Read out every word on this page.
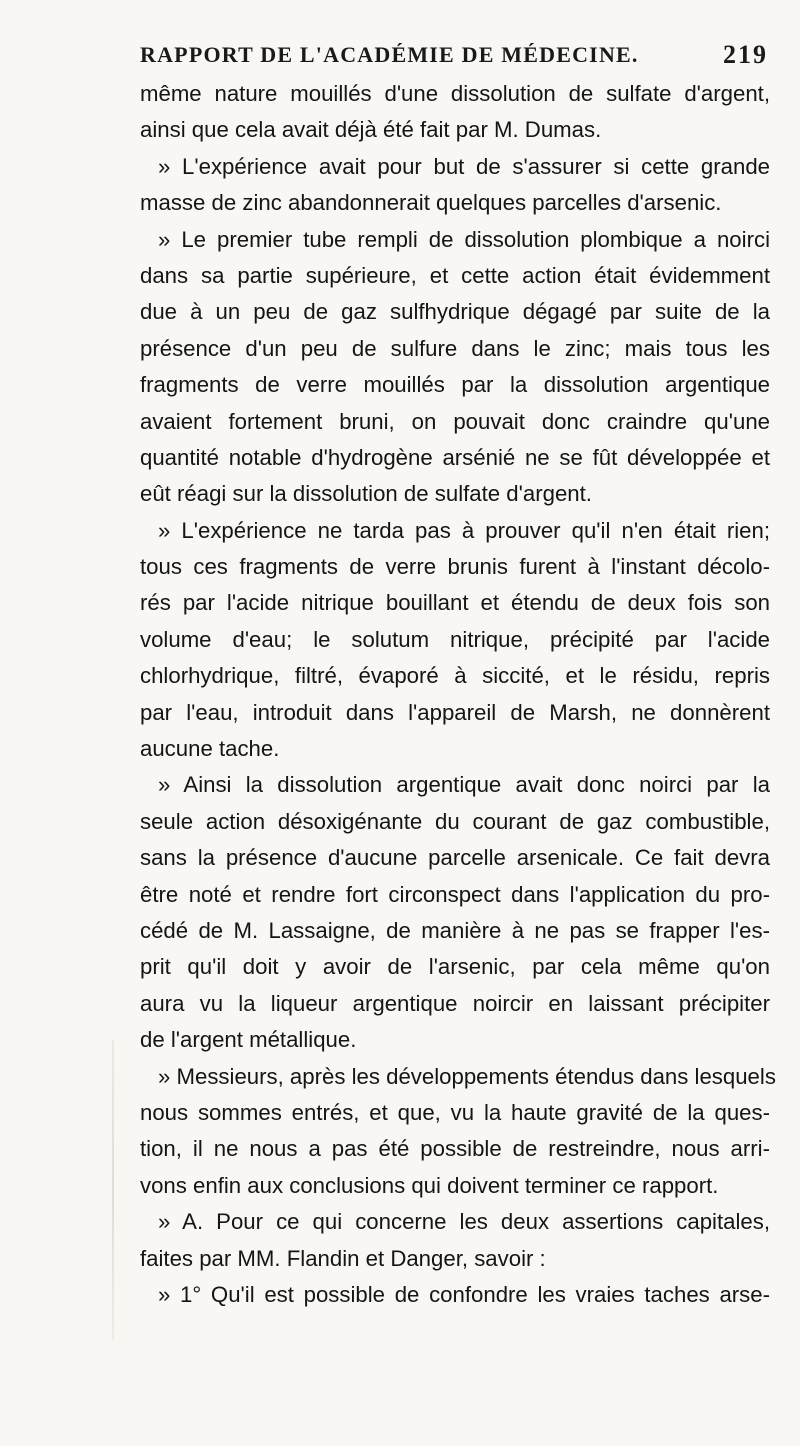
RAPPORT DE L'ACADÉMIE DE MÉDECINE.	219
même nature mouillés d'une dissolution de sulfate d'argent,
ainsi que cela avait déjà été fait par M. Dumas.
» L'expérience avait pour but de s'assurer si cette grande
masse de zinc abandonnerait quelques parcelles d'arsenic.
» Le premier tube rempli de dissolution plombique a noirci
dans sa partie supérieure, et cette action était évidemment
due à un peu de gaz sulfhydrique dégagé par suite de la
présence d'un peu de sulfure dans le zinc; mais tous les
fragments de verre mouillés par la dissolution argentique
avaient fortement bruni, on pouvait donc craindre qu'une
quantité notable d'hydrogène arsénié ne se fût développée et
eût réagi sur la dissolution de sulfate d'argent.
» L'expérience ne tarda pas à prouver qu'il n'en était rien;
tous ces fragments de verre brunis furent à l'instant décolo-
rés par l'acide nitrique bouillant et étendu de deux fois son
volume d'eau; le solutum nitrique, précipité par l'acide
chlorhydrique, filtré, évaporé à siccité, et le résidu, repris
par l'eau, introduit dans l'appareil de Marsh, ne donnèrent
aucune tache.
» Ainsi la dissolution argentique avait donc noirci par la
seule action désoxigénante du courant de gaz combustible,
sans la présence d'aucune parcelle arsenicale. Ce fait devra
être noté et rendre fort circonspect dans l'application du pro-
cédé de M. Lassaigne, de manière à ne pas se frapper l'es-
prit qu'il doit y avoir de l'arsenic, par cela même qu'on
aura vu la liqueur argentique noircir en laissant précipiter
de l'argent métallique.
» Messieurs, après les développements étendus dans lesquels
nous sommes entrés, et que, vu la haute gravité de la ques-
tion, il ne nous a pas été possible de restreindre, nous arri-
vons enfin aux conclusions qui doivent terminer ce rapport.
» A. Pour ce qui concerne les deux assertions capitales,
faites par MM. Flandin et Danger, savoir :
» 1° Qu'il est possible de confondre les vraies taches arse-
